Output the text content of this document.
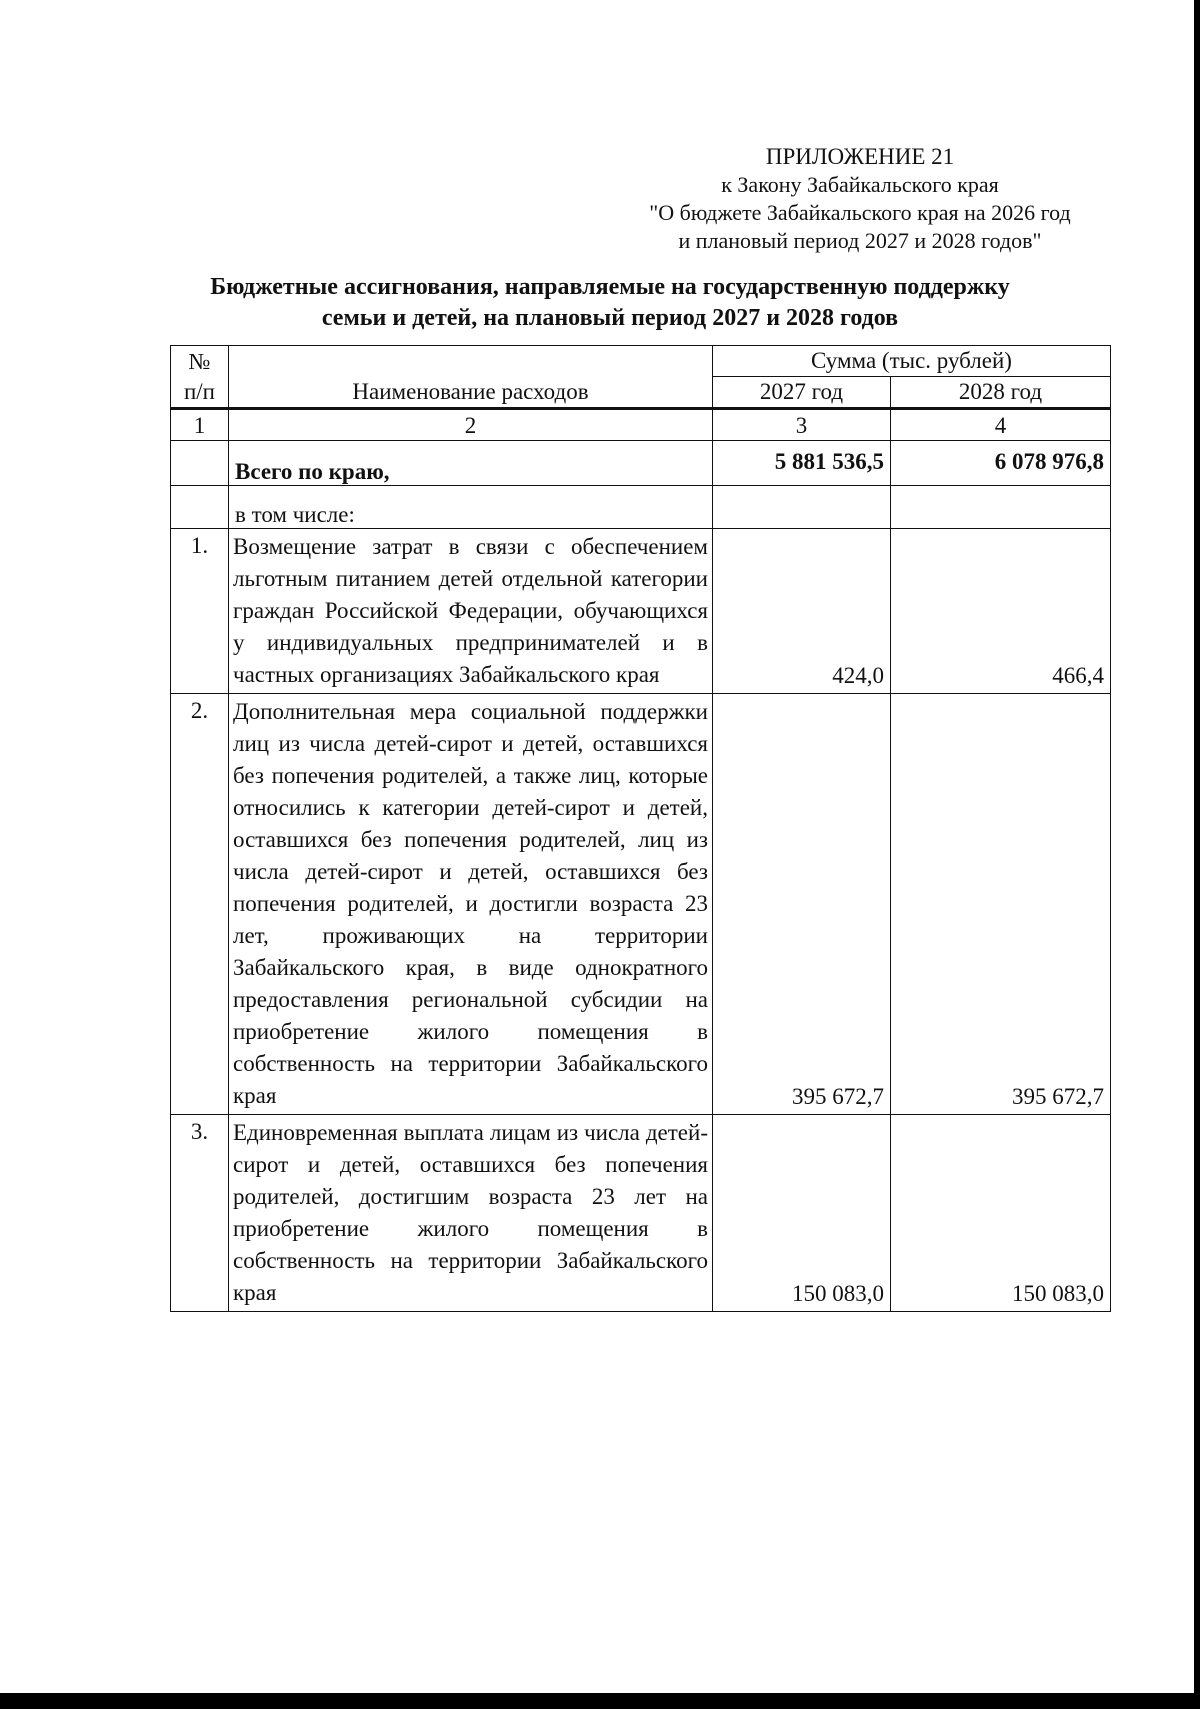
ПРИЛОЖЕНИЕ 21
к Закону Забайкальского края
"О бюджете Забайкальского края на 2026 год
и плановый период 2027 и 2028 годов"
Бюджетные ассигнования, направляемые на государственную поддержку
семьи и детей, на плановый период 2027 и 2028 годов
№
п/п	Наименование расходов	Сумма (тыс. рублей)	
		2027 год	2028 год
1	2	3	4
	Всего по краю,	5 881 536,5	6 078 976,8
	в том числе:		
1.	Возмещение затрат в связи с обеспечением льготным питанием детей отдельной категории граждан Российской Федерации, обучающихся у индивидуальных предпринимателей и в частных организациях Забайкальского края	424,0	466,4
2.	Дополнительная мера социальной поддержки лиц из числа детей-сирот и детей, оставшихся без попечения родителей, а также лиц, которые относились к категории детей-сирот и детей, оставшихся без попечения родителей, лиц из числа детей-сирот и детей, оставшихся без попечения родителей, и достигли возраста 23 лет, проживающих на территории Забайкальского края, в виде однократного предоставления региональной субсидии на приобретение жилого помещения в собственность на территории Забайкальского края	395 672,7	395 672,7
3.	Единовременная выплата лицам из числа детей-сирот и детей, оставшихся без попечения родителей, достигшим возраста 23 лет на приобретение жилого помещения в собственность на территории Забайкальского края	150 083,0	150 083,0
